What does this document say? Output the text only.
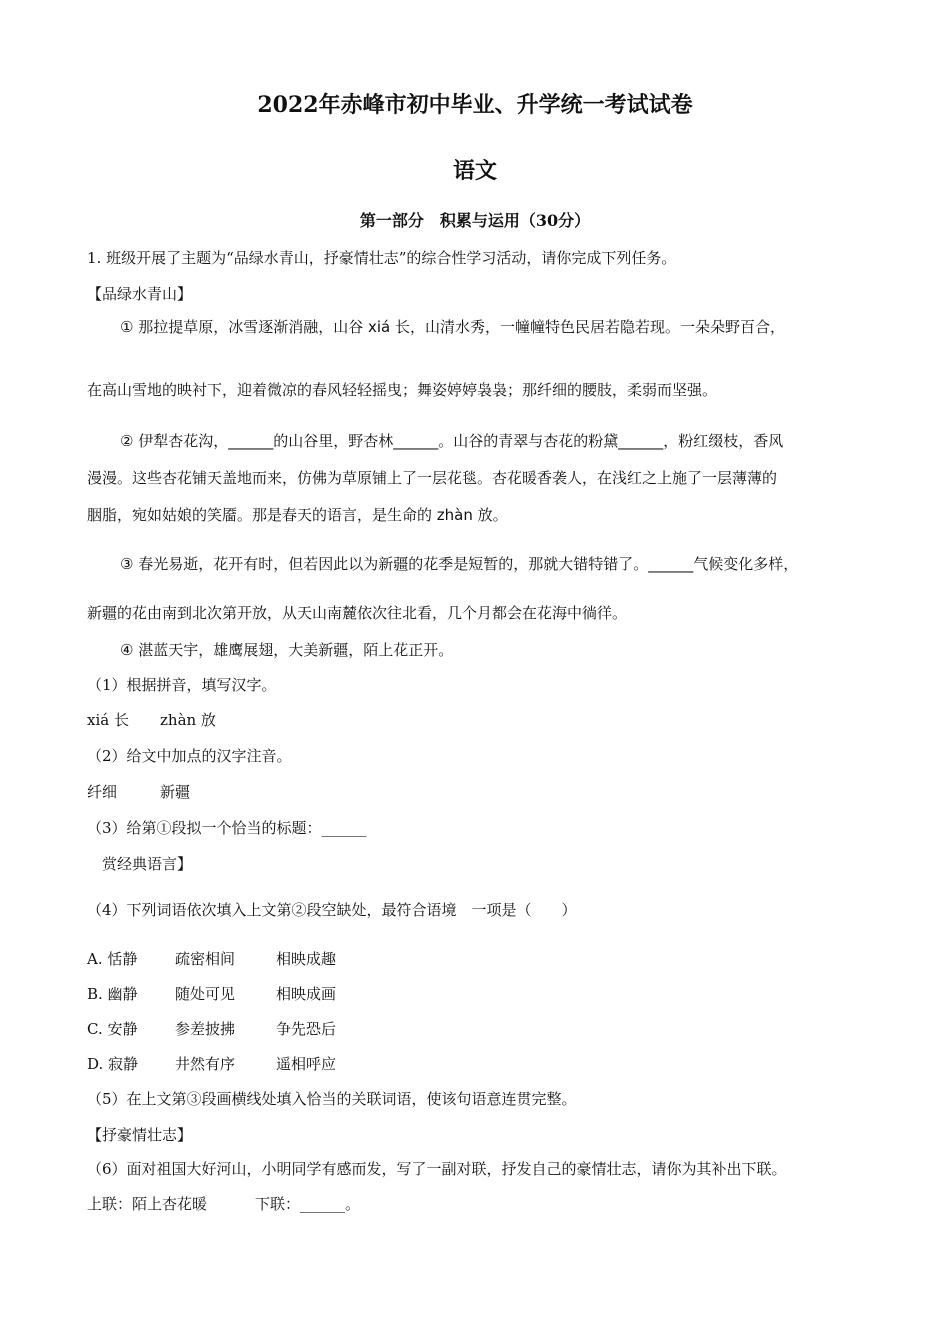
2022年赤峰市初中毕业、升学统一考试试卷
语文
第一部分　积累与运用（30分）
1. 班级开展了主题为“品绿水青山，抒豪情壮志”的综合性学习活动，请你完成下列任务。
【品绿水青山】
① 那拉提草原，冰雪逐渐消融，山谷 xiá 长，山清水秀，一幢幢特色民居若隐若现。一朵朵野百合，
在高山雪地的映衬下，迎着微凉的春风轻轻摇曳；舞姿婷婷袅袅；那纤细的腰肢，柔弱而坚强。
② 伊犁杏花沟，______的山谷里，野杏林______。山谷的青翠与杏花的粉黛______，粉红缀枝，香风
漫漫。这些杏花铺天盖地而来，仿佛为草原铺上了一层花毯。杏花暖香袭人，在浅红之上施了一层薄薄的
胭脂，宛如姑娘的笑靥。那是春天的语言，是生命的 zhàn 放。
③ 春光易逝，花开有时，但若因此以为新疆的花季是短暂的，那就大错特错了。______气候变化多样，
新疆的花由南到北次第开放，从天山南麓依次往北看，几个月都会在花海中徜徉。
④ 湛蓝天宇，雄鹰展翅，大美新疆，陌上花正开。
（1）根据拼音，填写汉字。
xiá 长 zhàn 放
（2）给文中加点的汉字注音。
纤细	新疆
（3）给第①段拟一个恰当的标题：______
　赏经典语言】
（4）下列词语依次填入上文第②段空缺处，最符合语境　一项是（　　）
A. 恬静	疏密相间	相映成趣
B. 幽静 随处可见	相映成画
C. 安静	参差披拂	争先恐后
D. 寂静 井然有序	遥相呼应
（5）在上文第③段画横线处填入恰当的关联词语，使该句语意连贯完整。
【抒豪情壮志】
（6）面对祖国大好河山，小明同学有感而发，写了一副对联，抒发自己的豪情壮志，请你为其补出下联。
上联：陌上杏花暖	下联：______。
